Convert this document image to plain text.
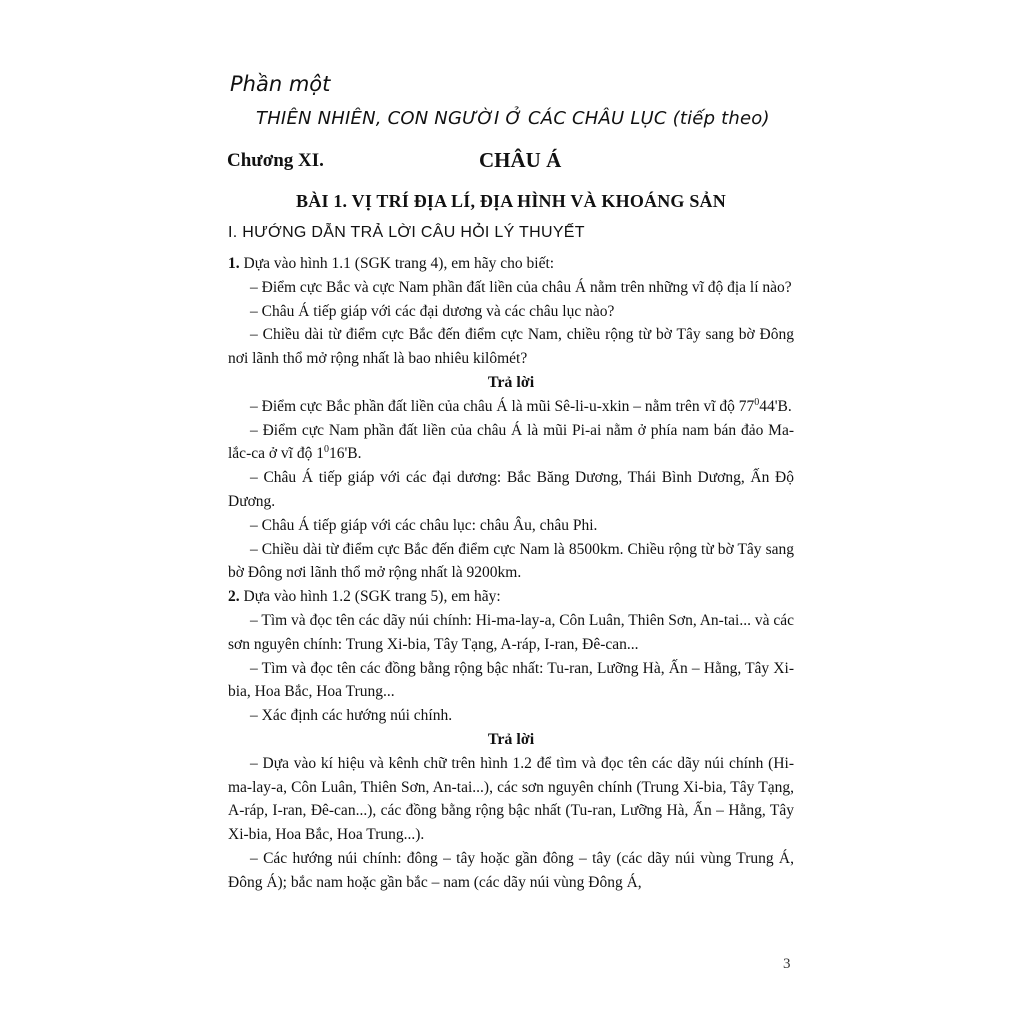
Phần một
THIÊN NHIÊN, CON NGƯỜI Ở CÁC CHÂU LỤC (tiếp theo)
Chương XI.	CHÂU Á
BÀI 1. VỊ TRÍ ĐỊA LÍ, ĐỊA HÌNH VÀ KHOÁNG SẢN
I. HƯỚNG DẪN TRẢ LỜI CÂU HỎI LÝ THUYẾT

1. Dựa vào hình 1.1 (SGK trang 4), em hãy cho biết:

– Điểm cực Bắc và cực Nam phần đất liền của châu Á nằm trên những vĩ độ địa lí nào?

– Châu Á tiếp giáp với các đại dương và các châu lục nào?

– Chiều dài từ điểm cực Bắc đến điểm cực Nam, chiều rộng từ bờ Tây sang bờ Đông nơi lãnh thổ mở rộng nhất là bao nhiêu kilômét?

Trả lời

– Điểm cực Bắc phần đất liền của châu Á là mũi Sê-li-u-xkin – nằm trên vĩ độ $77^044'B$.

– Điểm cực Nam phần đất liền của châu Á là mũi Pi-ai nằm ở phía nam bán đảo Ma-lắc-ca ở vĩ độ $1^016'B$.

– Châu Á tiếp giáp với các đại dương: Bắc Băng Dương, Thái Bình Dương, Ấn Độ Dương.

– Châu Á tiếp giáp với các châu lục: châu Âu, châu Phi.

– Chiều dài từ điểm cực Bắc đến điểm cực Nam là 8500km. Chiều rộng từ bờ Tây sang bờ Đông nơi lãnh thổ mở rộng nhất là 9200km.

2. Dựa vào hình 1.2 (SGK trang 5), em hãy:

– Tìm và đọc tên các dãy núi chính: Hi-ma-lay-a, Côn Luân, Thiên Sơn, An-tai... và các sơn nguyên chính: Trung Xi-bia, Tây Tạng, A-ráp, I-ran, Đê-can...

– Tìm và đọc tên các đồng bằng rộng bậc nhất: Tu-ran, Lưỡng Hà, Ấn – Hằng, Tây Xi-bia, Hoa Bắc, Hoa Trung...

– Xác định các hướng núi chính.

Trả lời

– Dựa vào kí hiệu và kênh chữ trên hình 1.2 để tìm và đọc tên các dãy núi chính (Hi-ma-lay-a, Côn Luân, Thiên Sơn, An-tai...), các sơn nguyên chính (Trung Xi-bia, Tây Tạng, A-ráp, I-ran, Đê-can...), các đồng bằng rộng bậc nhất (Tu-ran, Lưỡng Hà, Ấn – Hằng, Tây Xi-bia, Hoa Bắc, Hoa Trung...).

– Các hướng núi chính: đông – tây hoặc gần đông – tây (các dãy núi vùng Trung Á, Đông Á); bắc nam hoặc gần bắc – nam (các dãy núi vùng Đông Á,

3
